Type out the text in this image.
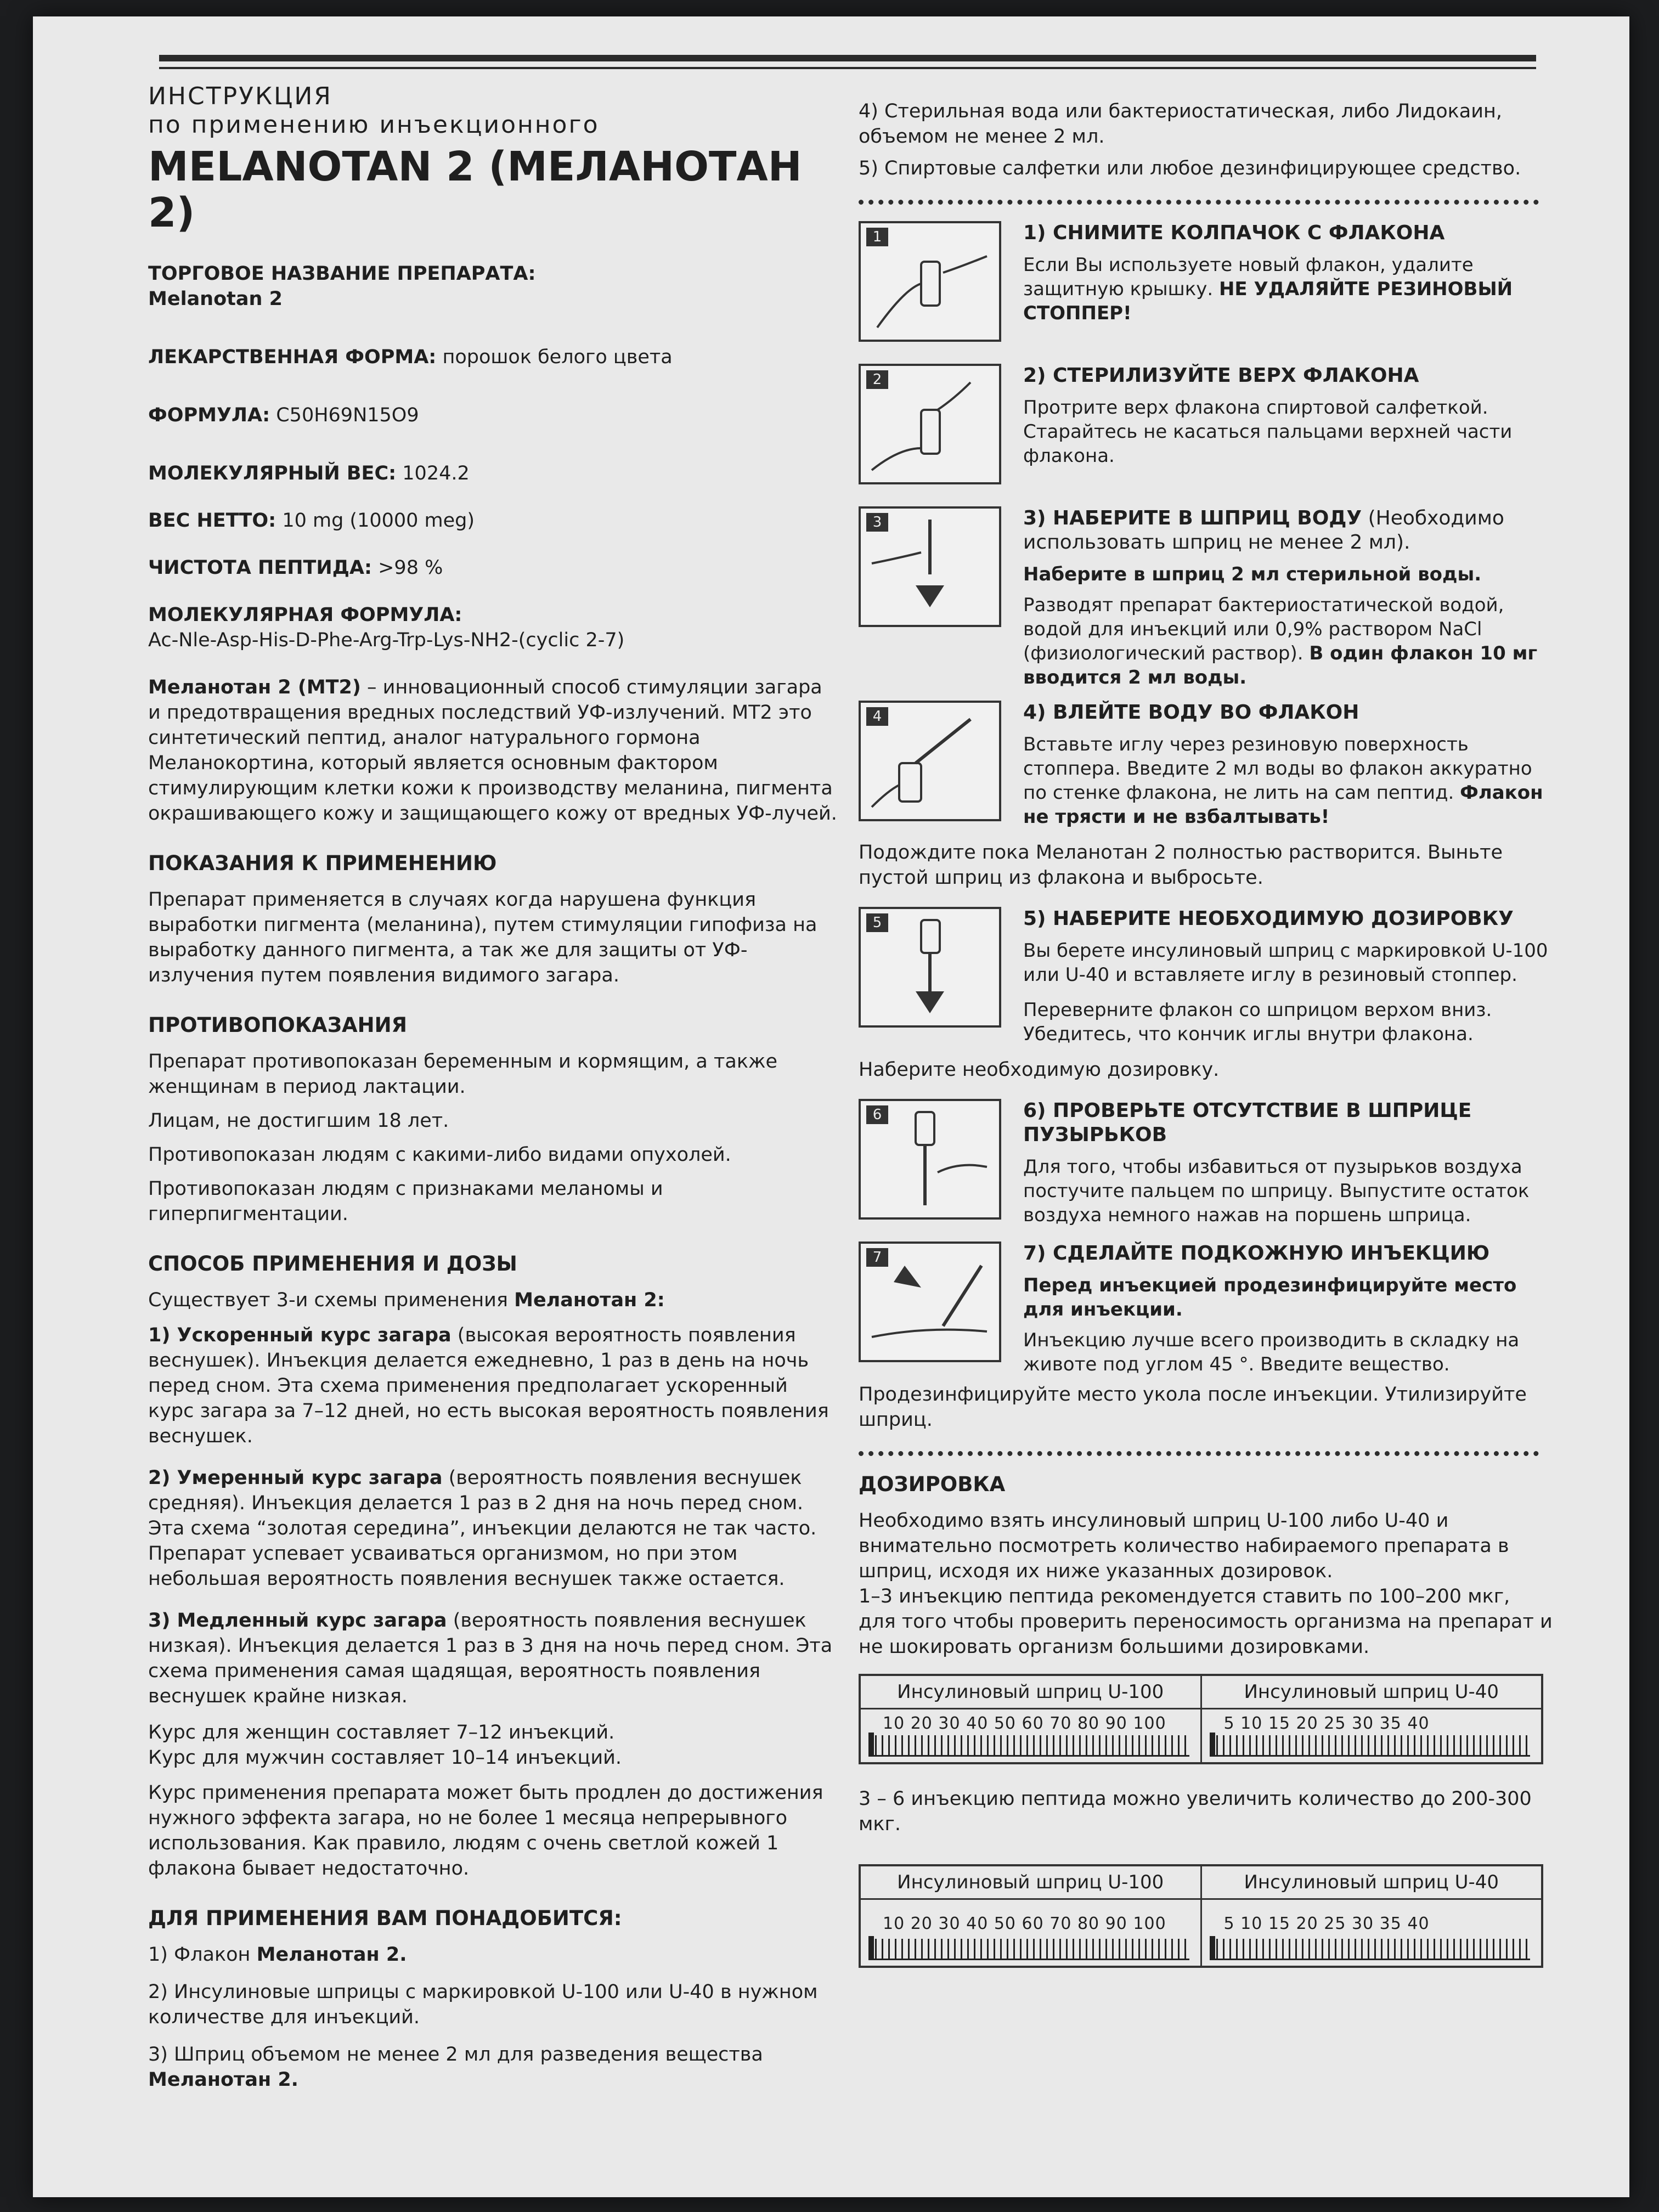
ИНСТРУКЦИЯ

по применению инъекционного

MELANOTAN 2 (МЕЛАНОТАН 2)

ТОРГОВОЕ НАЗВАНИЕ ПРЕПАРАТА:

Melanotan 2

ЛЕКАРСТВЕННАЯ ФОРМА: порошок белого цвета

ФОРМУЛА: C50H69N15O9

МОЛЕКУЛЯРНЫЙ ВЕС: 1024.2

ВЕС НЕТТО: 10 mg (10000 meg)

ЧИСТОТА ПЕПТИДА: >98 %

МОЛЕКУЛЯРНАЯ ФОРМУЛА:

Ac-Nle-Asp-His-D-Phe-Arg-Trp-Lys-NH2-(cyclic 2-7)

Меланотан 2 (МТ2) – инновационный способ стимуляции загара и предотвращения вредных последствий УФ-излучений. МТ2 это синтетический пептид, аналог натурального гормона Меланокортина, который является основным фактором стимулирующим клетки кожи к производству меланина, пигмента окрашивающего кожу и защищающего кожу от вредных УФ-лучей.

ПОКАЗАНИЯ К ПРИМЕНЕНИЮ

Препарат применяется в случаях когда нарушена функция выработки пигмента (меланина), путем стимуляции гипофиза на выработку данного пигмента, а так же для защиты от УФ-излучения путем появления видимого загара.

ПРОТИВОПОКАЗАНИЯ

Препарат противопоказан беременным и кормящим, а также женщинам в период лактации.

Лицам, не достигшим 18 лет.

Противопоказан людям с какими-либо видами опухолей.

Противопоказан людям с признаками меланомы и гиперпигментации.

СПОСОБ ПРИМЕНЕНИЯ И ДОЗЫ

Существует 3-и схемы применения Меланотан 2:

1) Ускоренный курс загара (высокая вероятность появления веснушек). Инъекция делается ежедневно, 1 раз в день на ночь перед сном. Эта схема применения предполагает ускоренный курс загара за 7–12 дней, но есть высокая вероятность появления веснушек.

2) Умеренный курс загара (вероятность появления веснушек средняя). Инъекция делается 1 раз в 2 дня на ночь перед сном. Эта схема “золотая середина”, инъекции делаются не так часто. Препарат успевает усваиваться организмом, но при этом небольшая вероятность появления веснушек также остается.

3) Медленный курс загара (вероятность появления веснушек низкая). Инъекция делается 1 раз в 3 дня на ночь перед сном. Эта схема применения самая щадящая, вероятность появления веснушек крайне низкая.

Курс для женщин составляет 7–12 инъекций.

Курс для мужчин составляет 10–14 инъекций.

Курс применения препарата может быть продлен до достижения нужного эффекта загара, но не более 1 месяца непрерывного использования. Как правило, людям с очень светлой кожей 1 флакона бывает недостаточно.

ДЛЯ ПРИМЕНЕНИЯ ВАМ ПОНАДОБИТСЯ:

1) Флакон Меланотан 2.

2) Инсулиновые шприцы с маркировкой U-100 или U-40 в нужном количестве для инъекций.

3) Шприц объемом не менее 2 мл для разведения вещества Меланотан 2.

4) Стерильная вода или бактериостатическая, либо Лидокаин, объемом не менее 2 мл.

5) Спиртовые салфетки или любое дезинфицирующее средство.

1	1) СНИМИТЕ КОЛПАЧОК С ФЛАКОНА

Если Вы используете новый флакон, удалите защитную крышку. НЕ УДАЛЯЙТЕ РЕЗИНОВЫЙ СТОППЕР!

2	2) СТЕРИЛИЗУЙТЕ ВЕРХ ФЛАКОНА

Протрите верх флакона спиртовой салфеткой. Старайтесь не касаться пальцами верхней части флакона.

3	3) НАБЕРИТЕ В ШПРИЦ ВОДУ (Необходимо использовать шприц не менее 2 мл).

Наберите в шприц 2 мл стерильной воды.

Разводят препарат бактериостатической водой, водой для инъекций или 0,9% раствором NaCl (физиологический раствор). В один флакон 10 мг вводится 2 мл воды.

4	4) ВЛЕЙТЕ ВОДУ ВО ФЛАКОН

Вставьте иглу через резиновую поверхность стоппера. Введите 2 мл воды во флакон аккуратно по стенке флакона, не лить на сам пептид. Флакон не трясти и не взбалтывать!

Подождите пока Меланотан 2 полностью растворится. Выньте пустой шприц из флакона и выбросьте.

5	5) НАБЕРИТЕ НЕОБХОДИМУЮ ДОЗИРОВКУ

Вы берете инсулиновый шприц с маркировкой U-100 или U-40 и вставляете иглу в резиновый стоппер.

Переверните флакон со шприцом верхом вниз. Убедитесь, что кончик иглы внутри флакона.

Наберите необходимую дозировку.

6	6) ПРОВЕРЬТЕ ОТСУТСТВИЕ В ШПРИЦЕ ПУЗЫРЬКОВ

Для того, чтобы избавиться от пузырьков воздуха постучите пальцем по шприцу. Выпустите остаток воздуха немного нажав на поршень шприца.

7	7) СДЕЛАЙТЕ ПОДКОЖНУЮ ИНЪЕКЦИЮ

Перед инъекцией продезинфицируйте место для инъекции.

Инъекцию лучше всего производить в складку на животе под углом 45 °. Введите вещество.

Продезинфицируйте место укола после инъекции. Утилизируйте шприц.

ДОЗИРОВКА

Необходимо взять инсулиновый шприц U-100 либо U-40 и внимательно посмотреть количество набираемого препарата в шприц, исходя их ниже указанных дозировок.

1–3 инъекцию пептида рекомендуется ставить по 100–200 мкг, для того чтобы проверить переносимость организма на препарат и не шокировать организм большими дозировками.

Инсулиновый шприц U-100	Инсулиновый шприц U-40
10 20 30 40 50 60 70 80 90 100	5 10 15 20 25 30 35 40

3 – 6 инъекцию пептида можно увеличить количество до 200-300 мкг.

Инсулиновый шприц U-100	Инсулиновый шприц U-40
10 20 30 40 50 60 70 80 90 100	5 10 15 20 25 30 35 40
